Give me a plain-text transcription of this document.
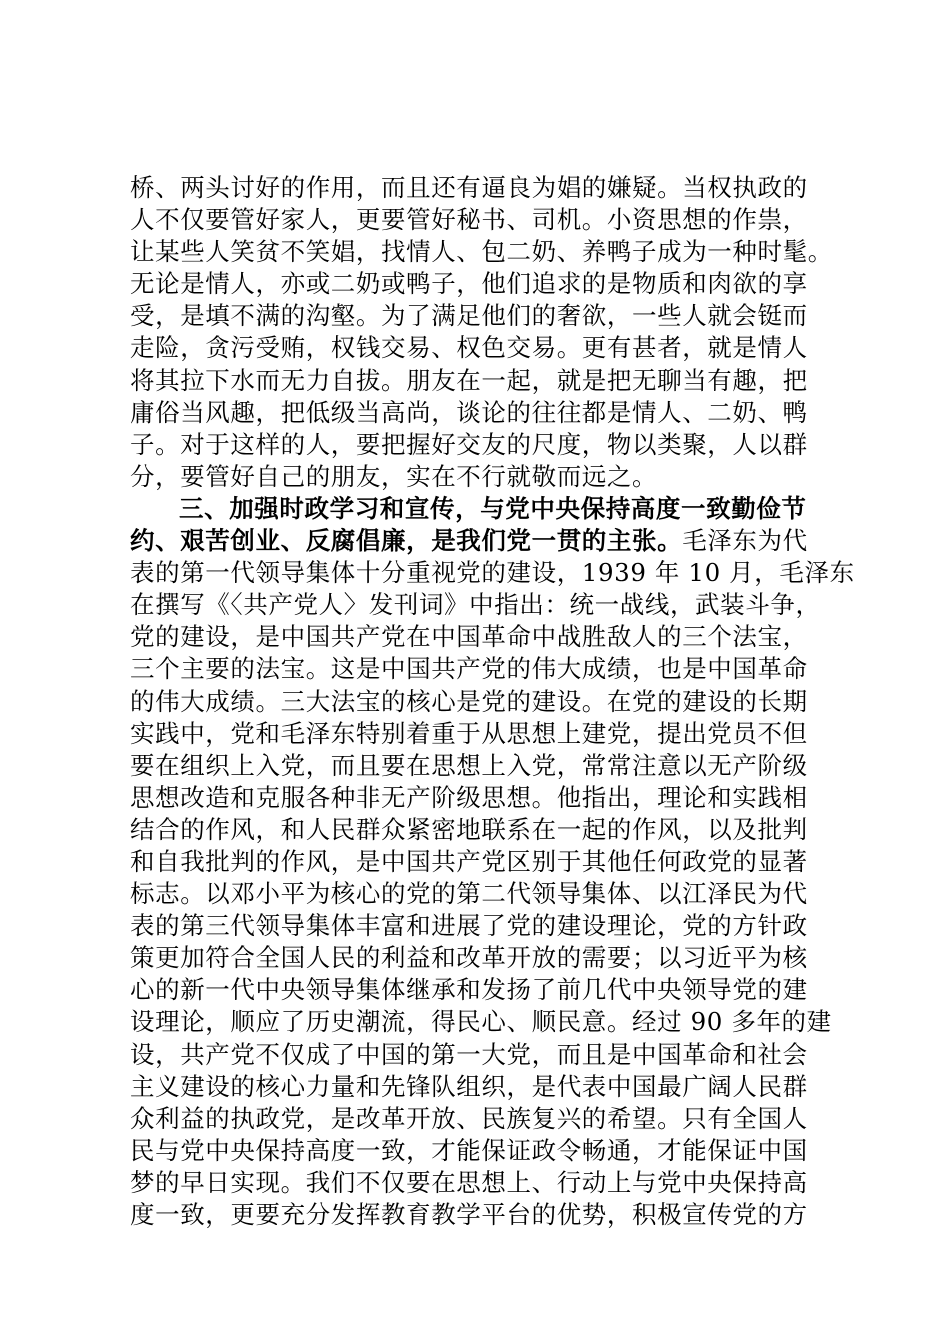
桥、两头讨好的作用，而且还有逼良为娼的嫌疑。当权执政的
人不仅要管好家人，更要管好秘书、司机。小资思想的作祟，
让某些人笑贫不笑娼，找情人、包二奶、养鸭子成为一种时髦。
无论是情人，亦或二奶或鸭子，他们追求的是物质和肉欲的享
受，是填不满的沟壑。为了满足他们的奢欲，一些人就会铤而
走险，贪污受贿，权钱交易、权色交易。更有甚者，就是情人
将其拉下水而无力自拔。朋友在一起，就是把无聊当有趣，把
庸俗当风趣，把低级当高尚，谈论的往往都是情人、二奶、鸭
子。对于这样的人，要把握好交友的尺度，物以类聚，人以群
分，要管好自己的朋友，实在不行就敬而远之。
三、加强时政学习和宣传，与党中央保持高度一致勤俭节
约、艰苦创业、反腐倡廉，是我们党一贯的主张。毛泽东为代
表的第一代领导集体十分重视党的建设，1939 年 10 月，毛泽东
在撰写《〈共产党人〉发刊词》中指出：统一战线，武装斗争，
党的建设，是中国共产党在中国革命中战胜敌人的三个法宝，
三个主要的法宝。这是中国共产党的伟大成绩，也是中国革命
的伟大成绩。三大法宝的核心是党的建设。在党的建设的长期
实践中，党和毛泽东特别着重于从思想上建党，提出党员不但
要在组织上入党，而且要在思想上入党，常常注意以无产阶级
思想改造和克服各种非无产阶级思想。他指出，理论和实践相
结合的作风，和人民群众紧密地联系在一起的作风，以及批判
和自我批判的作风，是中国共产党区别于其他任何政党的显著
标志。以邓小平为核心的党的第二代领导集体、以江泽民为代
表的第三代领导集体丰富和进展了党的建设理论，党的方针政
策更加符合全国人民的利益和改革开放的需要；以习近平为核
心的新一代中央领导集体继承和发扬了前几代中央领导党的建
设理论，顺应了历史潮流，得民心、顺民意。经过 90 多年的建
设，共产党不仅成了中国的第一大党，而且是中国革命和社会
主义建设的核心力量和先锋队组织，是代表中国最广阔人民群
众利益的执政党，是改革开放、民族复兴的希望。只有全国人
民与党中央保持高度一致，才能保证政令畅通，才能保证中国
梦的早日实现。我们不仅要在思想上、行动上与党中央保持高
度一致，更要充分发挥教育教学平台的优势，积极宣传党的方
